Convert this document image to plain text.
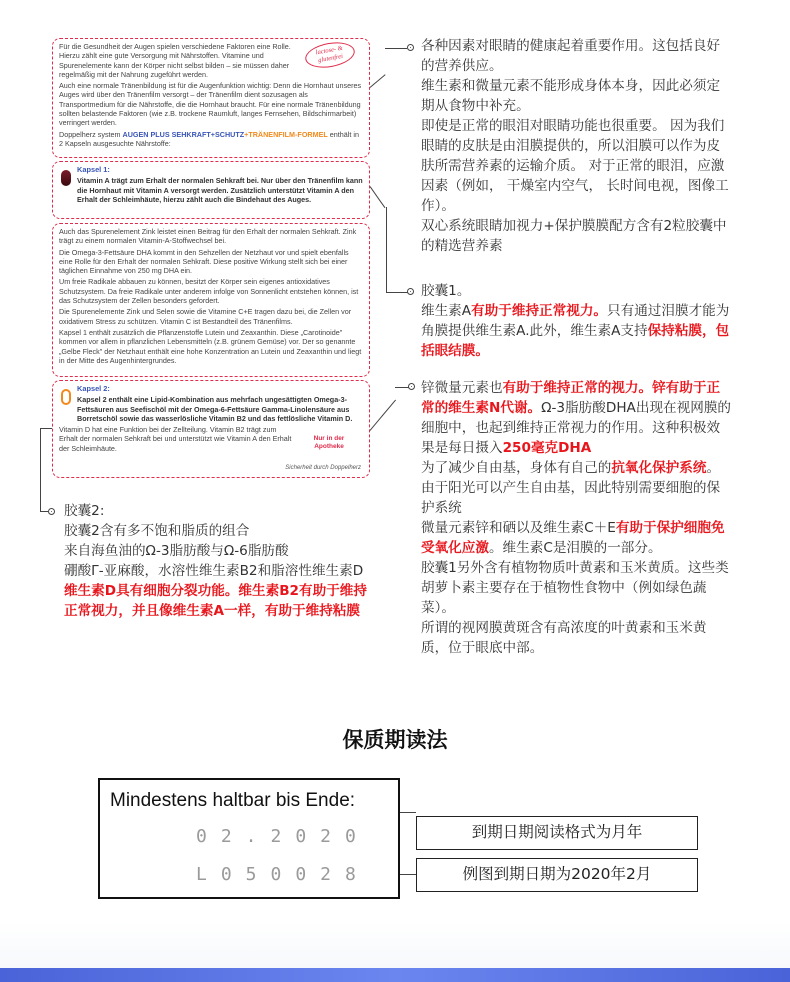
lactose- & glutenfrei

Für die Gesundheit der Augen spielen verschiedene Faktoren eine Rolle. Hierzu zählt eine gute Versorgung mit Nährstoffen. Vitamine und Spurenelemente kann der Körper nicht selbst bilden – sie müssen daher regelmäßig mit der Nahrung zugeführt werden.

Auch eine normale Tränenbildung ist für die Augenfunktion wichtig: Denn die Hornhaut unseres Auges wird über den Tränenfilm versorgt – der Tränenfilm dient sozusagen als Transportmedium für die Nährstoffe, die die Hornhaut braucht. Für eine normale Tränenbildung sollten belastende Faktoren (wie z.B. trockene Raumluft, langes Fernsehen, Bildschirmarbeit) verringert werden.

Doppelherz system AUGEN PLUS SEHKRAFT+SCHUTZ+TRÄNENFILM-FORMEL enthält in 2 Kapseln ausgesuchte Nährstoffe:

Kapsel 1:

Vitamin A trägt zum Erhalt der normalen Sehkraft bei. Nur über den Tränenfilm kann die Hornhaut mit Vitamin A versorgt werden. Zusätzlich unterstützt Vitamin A den Erhalt der Schleimhäute, hierzu zählt auch die Bindehaut des Auges.

Auch das Spurenelement Zink leistet einen Beitrag für den Erhalt der normalen Sehkraft. Zink trägt zu einem normalen Vitamin-A-Stoffwechsel bei.

Die Omega-3-Fettsäure DHA kommt in den Sehzellen der Netzhaut vor und spielt ebenfalls eine Rolle für den Erhalt der normalen Sehkraft. Diese positive Wirkung stellt sich bei einer täglichen Einnahme von 250 mg DHA ein.

Um freie Radikale abbauen zu können, besitzt der Körper sein eigenes antioxidatives Schutzsystem. Da freie Radikale unter anderem infolge von Sonnenlicht entstehen können, ist das Schutzsystem der Zellen besonders gefordert.

Die Spurenelemente Zink und Selen sowie die Vitamine C+E tragen dazu bei, die Zellen vor oxidativem Stress zu schützen. Vitamin C ist Bestandteil des Tränenfilms.

Kapsel 1 enthält zusätzlich die Pflanzenstoffe Lutein und Zeaxanthin. Diese „Carotinoide" kommen vor allem in pflanzlichen Lebensmitteln (z.B. grünem Gemüse) vor. Der so genannte „Gelbe Fleck" der Netzhaut enthält eine hohe Konzentration an Lutein und Zeaxanthin und liegt in der Mitte des Augenhintergrundes.

Kapsel 2:

Kapsel 2 enthält eine Lipid-Kombination aus mehrfach ungesättigten Omega-3-Fettsäuren aus Seefischöl mit der Omega-6-Fettsäure Gamma-Linolensäure aus Borretschöl sowie das wasserlösliche Vitamin B2 und das fettlösliche Vitamin D.

Vitamin D hat eine Funktion bei der Zellteilung. Vitamin B2 trägt zum Erhalt der normalen Sehkraft bei und unterstützt wie Vitamin A den Erhalt der Schleimhäute.

Nur in der Apotheke
Sicherheit durch Doppelherz

各种因素对眼睛的健康起着重要作用。这包括良好的营养供应。

维生素和微量元素不能形成身体本身，因此必须定期从食物中补充。

即使是正常的眼泪对眼睛功能也很重要。 因为我们眼睛的皮肤是由泪膜提供的，所以泪膜可以作为皮肤所需营养素的运输介质。 对于正常的眼泪，应激因素（例如， 干燥室内空气， 长时间电视，图像工作）。

双心系统眼睛加视力+保护膜膜配方含有2粒胶囊中的精选营养素

胶囊1。

维生素A有助于维持正常视力。只有通过泪膜才能为角膜提供维生素A.此外，维生素A支持保持粘膜，包括眼结膜。

锌微量元素也有助于维持正常的视力。锌有助于正常的维生素N代谢。Ω-3脂肪酸DHA出现在视网膜的细胞中，也起到维持正常视力的作用。这种积极效果是每日摄入250毫克DHA

为了减少自由基，身体有自己的抗氧化保护系统。由于阳光可以产生自由基，因此特别需要细胞的保护系统

微量元素锌和硒以及维生素C＋E有助于保护细胞免受氧化应激。维生素C是泪膜的一部分。

胶囊1另外含有植物物质叶黄素和玉米黄质。这些类胡萝卜素主要存在于植物性食物中（例如绿色蔬菜）。

所谓的视网膜黄斑含有高浓度的叶黄素和玉米黄质，位于眼底中部。

胶囊2:

胶囊2含有多不饱和脂质的组合

来自海鱼油的Ω-3脂肪酸与Ω-6脂肪酸

硼酸Γ-亚麻酸，水溶性维生素B2和脂溶性维生素D

维生素D具有细胞分裂功能。维生素B2有助于维持正常视力，并且像维生素A一样，有助于维持粘膜

保质期读法
Mindestens haltbar bis Ende:
02.2020
L050028
到期日期阅读格式为月年
例图到期日期为2020年2月
